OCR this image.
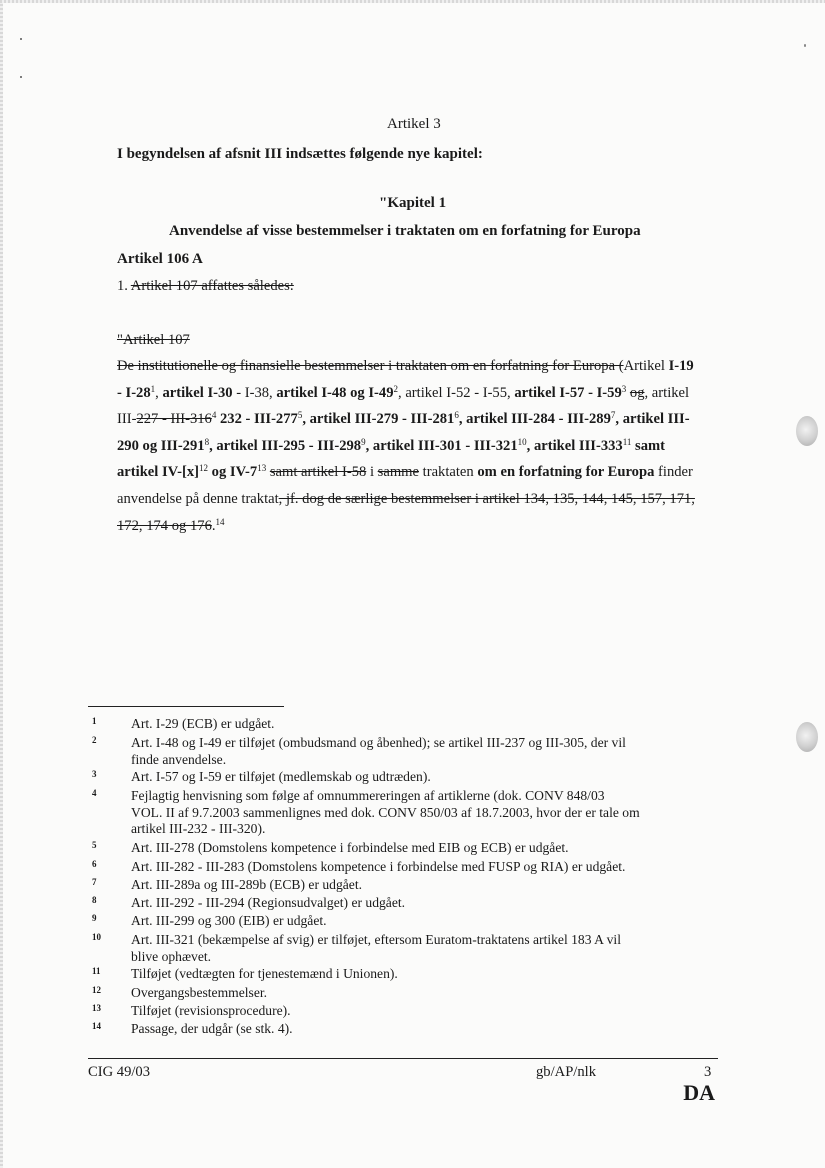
Artikel 3
I begyndelsen af afsnit III indsættes følgende nye kapitel:
"Kapitel 1
Anvendelse af visse bestemmelser i traktaten om en forfatning for Europa
Artikel 106 A
1. Artikel 107 affattes således:
"Artikel 107
De institutionelle og finansielle bestemmelser i traktaten om en forfatning for Europa (Artikel I-19
- $I-28^1$, artikel I-30 - I-38, artikel I-48 og $I-49^2$, artikel I-52 - I-55, artikel $I-57 - I-59^3$ og, artikel
III-227 - III-$316^4$ 232 - III-$277^5$, artikel III-279 - III-$281^6$, artikel III-284 - III-$289^7$, artikel III-
290 og III-$291^8$, artikel III-295 - III-$298^9$, artikel III-301 - III-$321^{10}$, artikel III-$333^{11}$ samt
artikel $IV-[x]^{12}$ og $IV-7^{13}$ samt artikel I-58 i samme traktaten om en forfatning for Europa finder
anvendelse på denne traktat, jf. dog de særlige bestemmelser i artikel 134, 135, 144, 145, 157, 171,
172, 174 og 176.14
1	Art. I-29 (ECB) er udgået.
2	Art. I-48 og I-49 er tilføjet (ombudsmand og åbenhed); se artikel III-237 og III-305, der vil
finde anvendelse.
3	Art. I-57 og I-59 er tilføjet (medlemskab og udtræden).
4	Fejlagtig henvisning som følge af omnummereringen af artiklerne (dok. CONV 848/03
VOL. II af 9.7.2003 sammenlignes med dok. CONV 850/03 af 18.7.2003, hvor der er tale om
artikel III-232 - III-320).
5	Art. III-278 (Domstolens kompetence i forbindelse med EIB og ECB) er udgået.
6	Art. III-282 - III-283 (Domstolens kompetence i forbindelse med FUSP og RIA) er udgået.
7	Art. III-289a og III-289b (ECB) er udgået.
8	Art. III-292 - III-294 (Regionsudvalget) er udgået.
9	Art. III-299 og 300 (EIB) er udgået.
10 Art. III-321 (bekæmpelse af svig) er tilføjet, eftersom Euratom-traktatens artikel 183 A vil
blive ophævet.
11 Tilføjet (vedtægten for tjenestemænd i Unionen).
12 Overgangsbestemmelser.
13 Tilføjet (revisionsprocedure).
14 Passage, der udgår (se stk. 4).
CIG 49/03	gb/AP/nlk	3
DA
